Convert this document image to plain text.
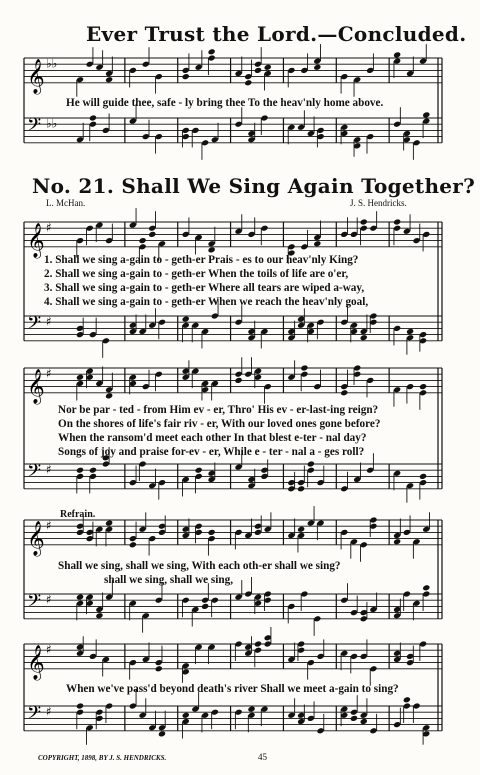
Ever Trust the Lord.—Concluded.
𝄞 ♭♭
𝄢 ♭♭
𝄞 ♯
𝄢 ♯
𝄞 ♯
𝄢 ♯
𝄞 ♯
𝄢 ♯
𝄞 ♯
𝄢 ♯
He will guide thee, safe - ly bring thee To the heav'nly home above.
No. 21. Shall We Sing Again Together?
L. McHan.	J. S. Hendricks.
1. Shall we sing a-gain to - geth-er Prais - es to our heav'nly King?
2. Shall we sing a-gain to - geth-er When the toils of life are o'er,
3. Shall we sing a-gain to - geth-er Where all tears are wiped a-way,
4. Shall we sing a-gain to - geth-er When we reach the heav'nly goal,
Nor be par - ted - from Him ev - er, Thro' His ev - er-last-ing reign?
On the shores of life's fair riv - er, With our loved ones gone before?
When the ransom'd meet each other In that blest e-ter - nal day?
Songs of joy and praise for-ev - er, While e - ter - nal a - ges roll?
Refrain.
Shall we sing, shall we sing, With each oth-er shall we sing?
shall we sing, shall we sing,
When we've pass'd beyond death's river Shall we meet a-gain to sing?
COPYRIGHT, 1898, BY J. S. HENDRICKS.	45
